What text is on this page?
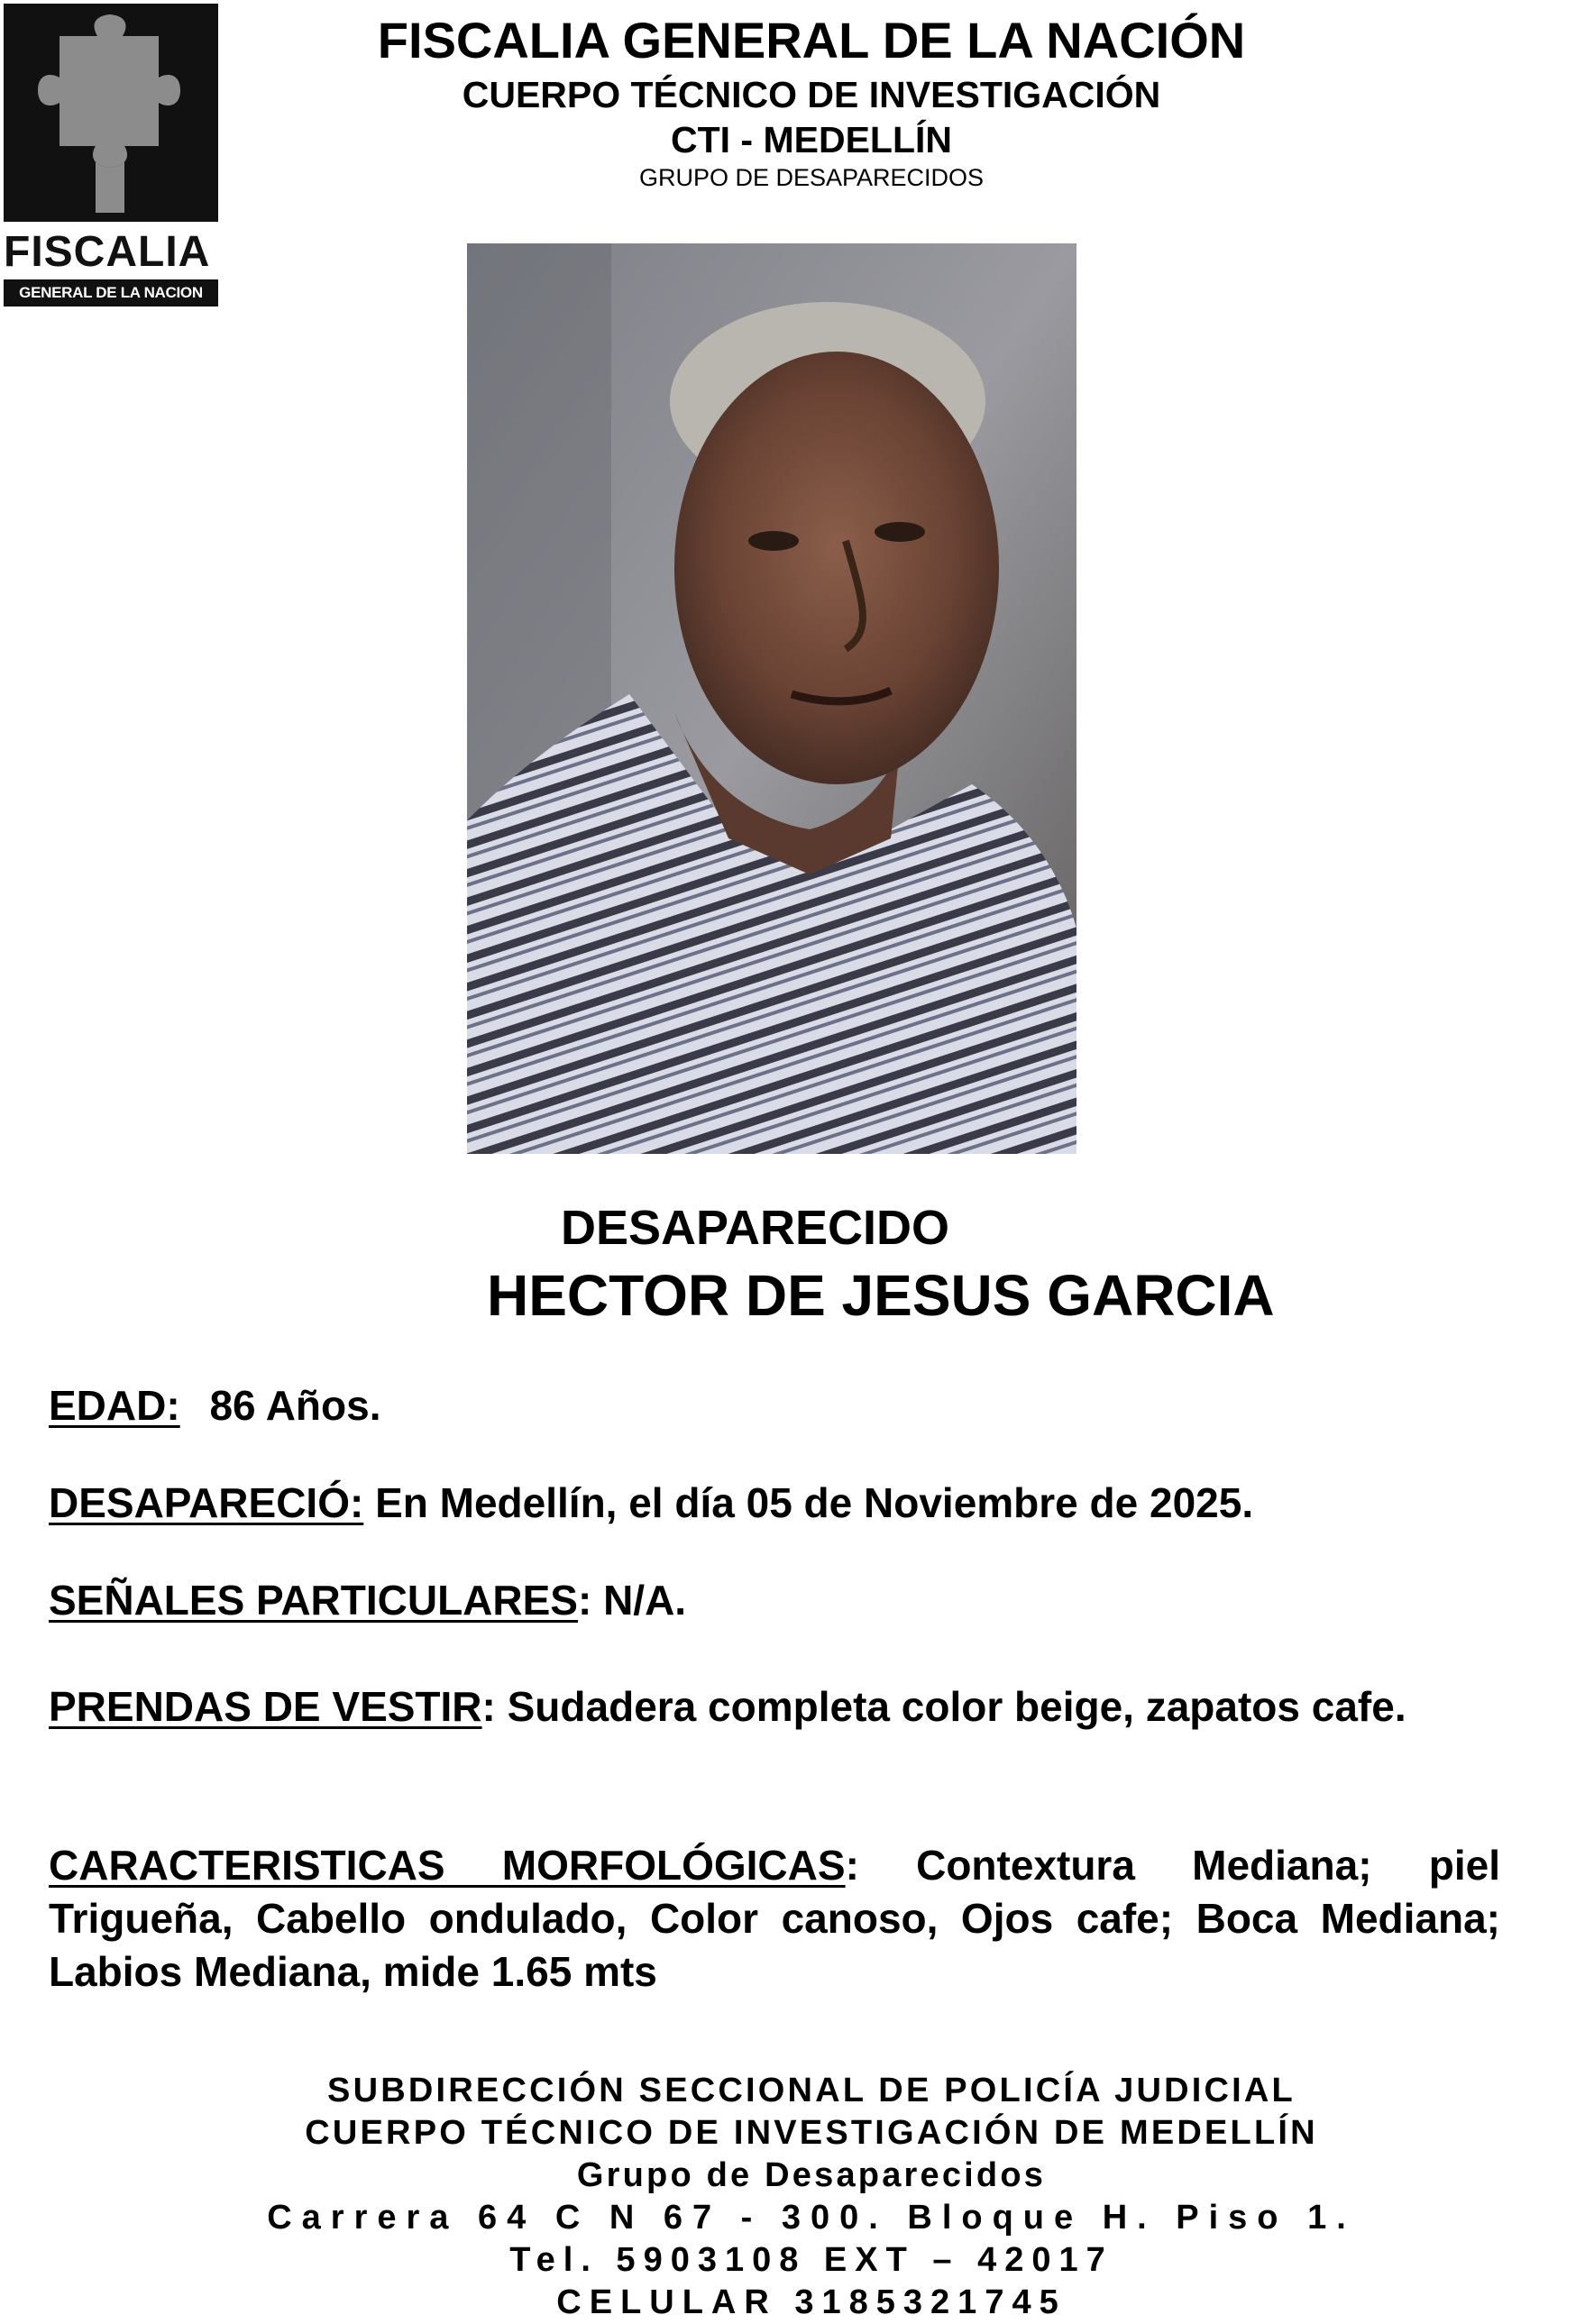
FISCALIA
GENERAL DE LA NACION
FISCALIA GENERAL DE LA NACIÓN
CUERPO TÉCNICO DE INVESTIGACIÓN
CTI - MEDELLÍN
GRUPO DE DESAPARECIDOS
DESAPARECIDO
HECTOR DE JESUS GARCIA
EDAD: 86 Años.
DESAPARECIÓ: En Medellín, el día 05 de Noviembre de 2025.
SEÑALES PARTICULARES: N/A.
PRENDAS DE VESTIR: Sudadera completa color beige, zapatos cafe.
CARACTERISTICAS MORFOLÓGICAS: Contextura Mediana; piel Trigueña, Cabello ondulado, Color canoso, Ojos cafe; Boca Mediana; Labios Mediana, mide 1.65 mts
SUBDIRECCIÓN SECCIONAL DE POLICÍA JUDICIAL
CUERPO TÉCNICO DE INVESTIGACIÓN DE MEDELLÍN
Grupo de Desaparecidos
Carrera 64 C N 67 - 300. Bloque H. Piso 1.
Tel. 5903108 EXT – 42017
CELULAR 3185321745
